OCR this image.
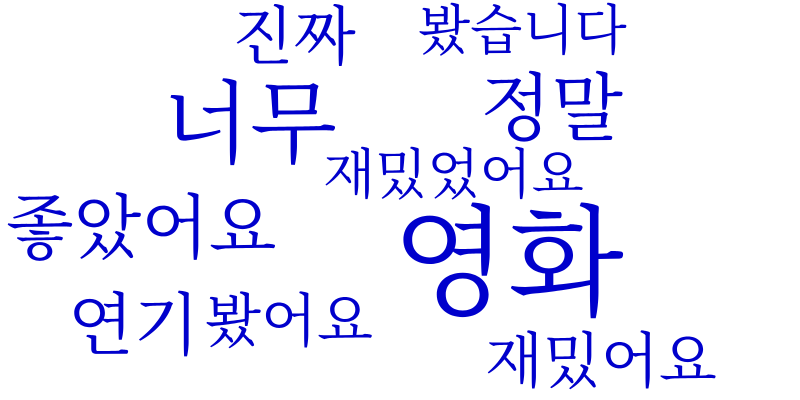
진짜 봤습니다
너무 정말
재밌었어요
좋았어요 영화
연기 봤어요
재밌어요
